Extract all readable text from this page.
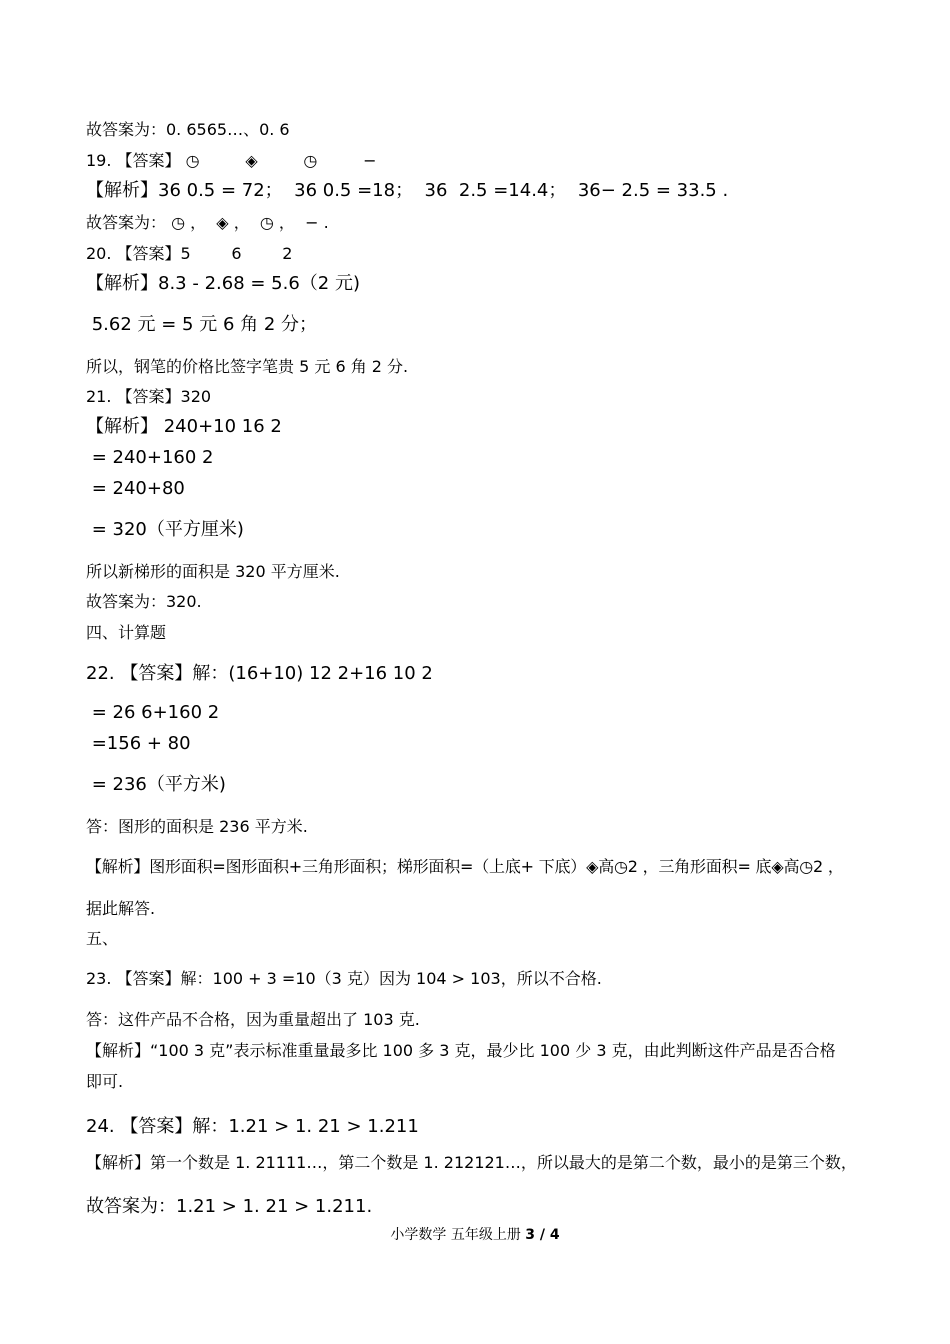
故答案为：0. 6565…、0. 6
19. 【答案】 ◷         ◈         ◷         −
【解析】36 0.5 = 72；  36 0.5 =18；  36  2.5 =14.4；  36− 2.5 = 33.5 .
故答案为： ◷ ，  ◈ ，  ◷ ，  − .
20. 【答案】5        6        2
【解析】8.3 - 2.68 = 5.6（2 元)
5.62 元 = 5 元 6 角 2 分；
所以，钢笔的价格比签字笔贵 5 元 6 角 2 分.
21. 【答案】320
【解析】 240+10 16 2
= 240+160 2
= 240+80
= 320（平方厘米)
所以新梯形的面积是 320 平方厘米.
故答案为：320.
四、计算题
22. 【答案】解：(16+10) 12 2+16 10 2
= 26 6+160 2
=156 + 80
= 236（平方米)
答：图形的面积是 236 平方米.
【解析】图形面积=图形面积+三角形面积；梯形面积=（上底+ 下底）◈高◷2 ，三角形面积= 底◈高◷2 ，
据此解答.
五、
23. 【答案】解：100 + 3 =10（3 克）因为 104 > 103，所以不合格.
答：这件产品不合格，因为重量超出了 103 克.
【解析】“100 3 克”表示标准重量最多比 100 多 3 克，最少比 100 少 3 克，由此判断这件产品是否合格
即可.
24. 【答案】解：1.21 > 1. 21 > 1.211
【解析】第一个数是 1. 21111…，第二个数是 1. 212121…，所以最大的是第二个数，最小的是第三个数，
故答案为：1.21 > 1. 21 > 1.211.
小学数学 五年级上册 3 / 4
